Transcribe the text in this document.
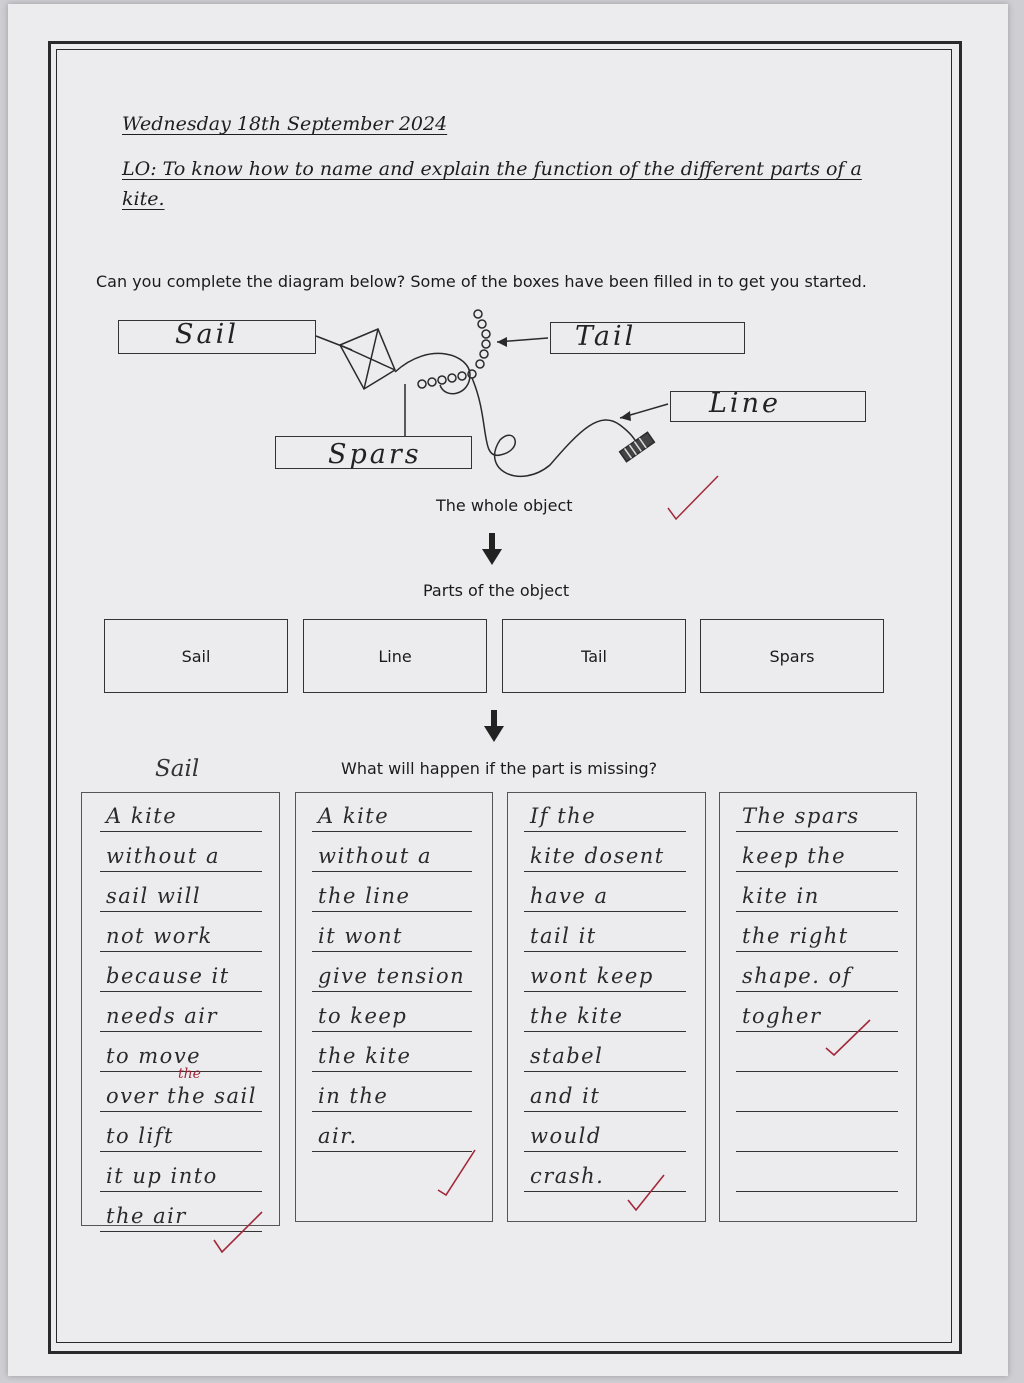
Wednesday 18th September 2024
LO: To know how to name and explain the function of the different parts of a kite.
Can you complete the diagram below? Some of the boxes have been filled in to get you started.
Sail	Tail
Line
Spars
The whole object
Parts of the object
Sail	Line	Tail	Spars
Sail	What will happen if the part is missing?
A kite
without a
sail will
not work
because it
needs air
to move
over the sail
to lift
it up into
the air
A kite
without a
the line
it wont
give tension
to keep
the kite
in the
air.
If the
kite dosent
have a
tail it
wont keep
the kite
stabel
and it
would
crash.
The spars
keep the
kite in
the right
shape. of
togher
the
